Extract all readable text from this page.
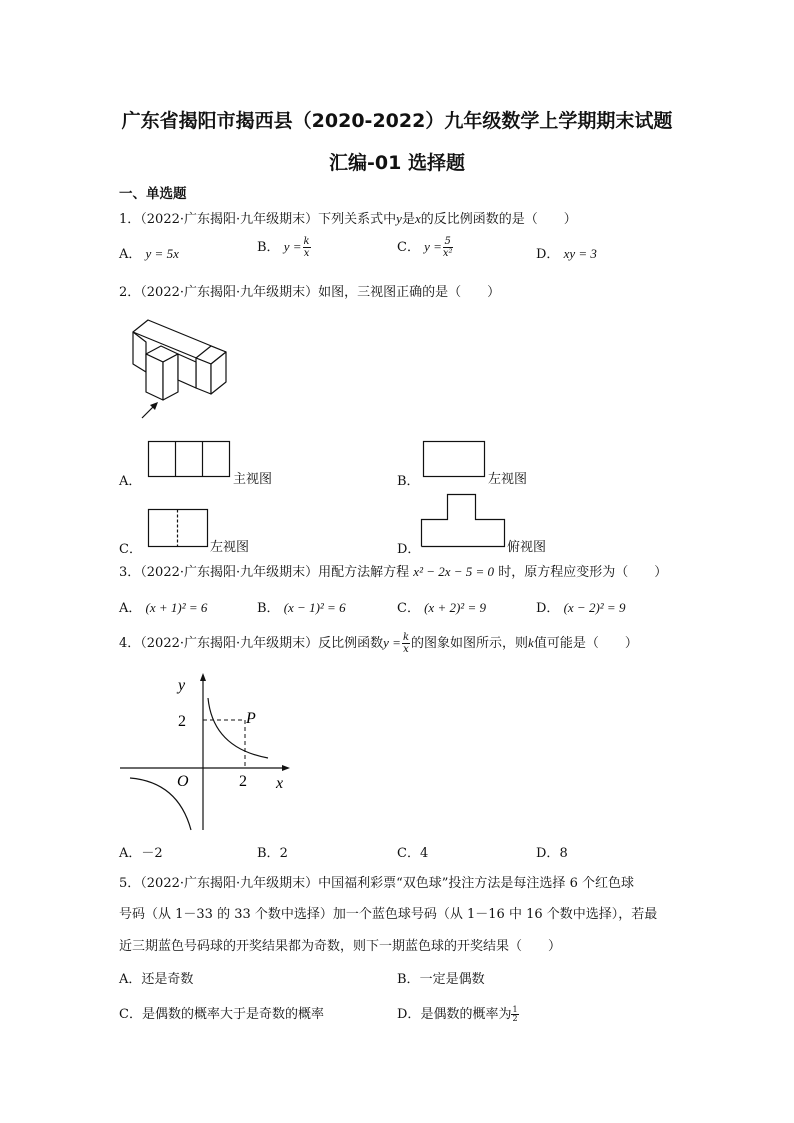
广东省揭阳市揭西县（2020-2022）九年级数学上学期期末试题
汇编-01 选择题
一、单选题
1．（2022·广东揭阳·九年级期末）下列关系式中y是x的反比例函数的是（　　）
A． y = 5x	B． $y = \frac{k}{x}$	C． $y = \frac{5}{\text{x²}}$	D． xy = 3
2．（2022·广东揭阳·九年级期末）如图，三视图正确的是（　　）
A．	主视图	B．	左视图
C．	左视图	D．	俯视图
3．（2022·广东揭阳·九年级期末）用配方法解方程 x² − 2x − 5 = 0 时，原方程应变形为（　　）
A． (x + 1)² = 6	B． (x − 1)² = 6	C． (x + 2)² = 9	D． (x − 2)² = 9
4．（2022·广东揭阳·九年级期末）反比例函数$y = \frac{k}{x}$ 的图象如图所示，则k值可能是（　　）
y
x
O
P
2
2
A．－2	B．2	C．4	D．8
5．（2022·广东揭阳·九年级期末）中国福利彩票“双色球”投注方法是每注选择 6 个红色球
号码（从 1－33 的 33 个数中选择）加一个蓝色球号码（从 1－16 中 16 个数中选择），若最
近三期蓝色号码球的开奖结果都为奇数，则下一期蓝色球的开奖结果（　　）
A．还是奇数	B．一定是偶数
C．是偶数的概率大于是奇数的概率	D．是偶数的概率为 $\frac{1}{2}$
